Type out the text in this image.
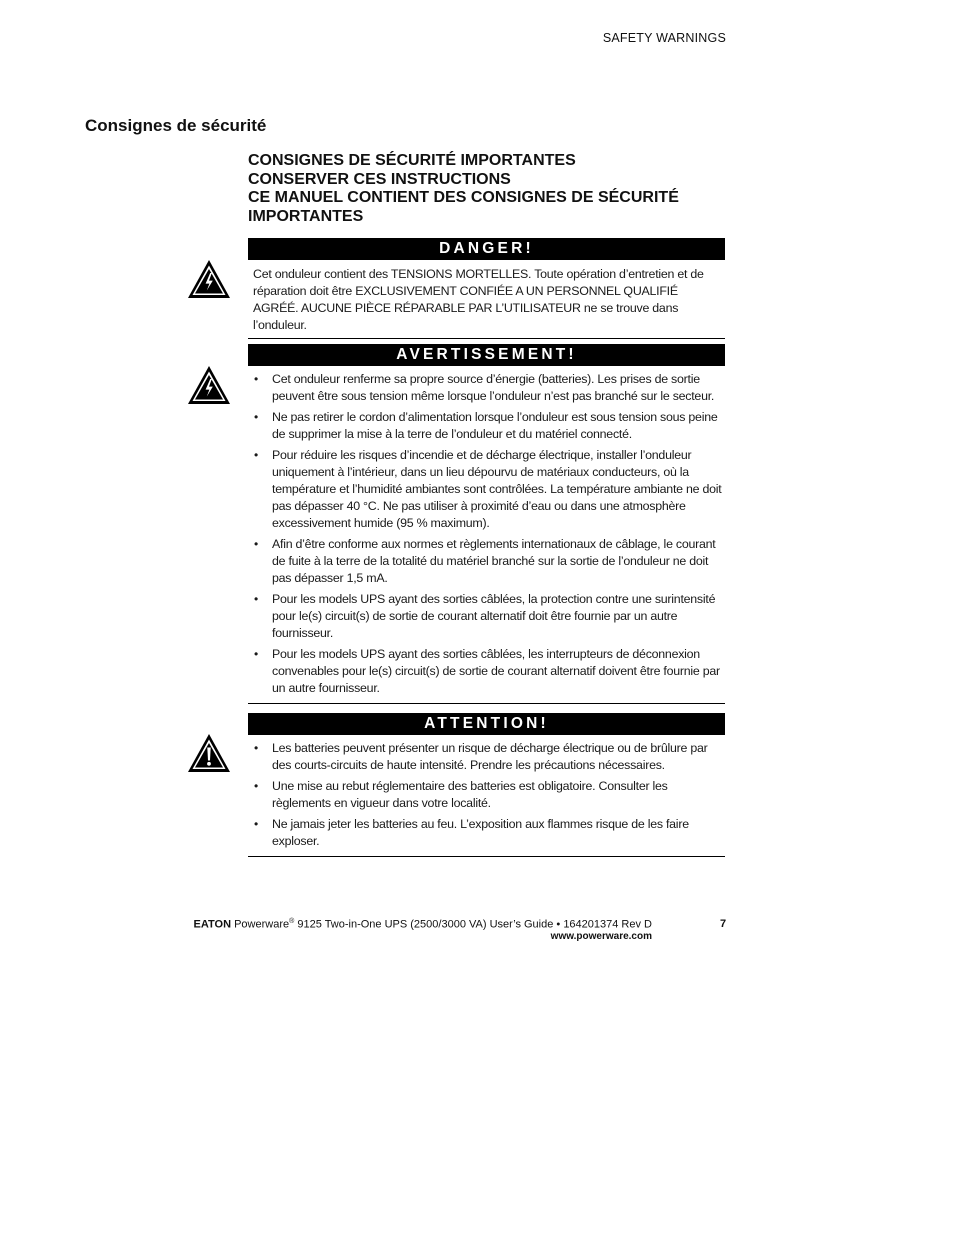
SAFETY WARNINGS
Consignes de sécurité
CONSIGNES DE SÉCURITÉ IMPORTANTES
CONSERVER CES INSTRUCTIONS
CE MANUEL CONTIENT DES CONSIGNES DE SÉCURITÉ IMPORTANTES
DANGER!

Cet onduleur contient des TENSIONS MORTELLES. Toute opération d’entretien et de réparation doit être EXCLUSIVEMENT CONFIÉE A UN PERSONNEL QUALIFIÉ AGRÉÉ. AUCUNE PIÈCE RÉPARABLE PAR L’UTILISATEUR ne se trouve dans l’onduleur.

AVERTISSEMENT!
• Cet onduleur renferme sa propre source d’énergie (batteries). Les prises de sortie peuvent être sous tension même lorsque l’onduleur n’est pas branché sur le secteur.
• Ne pas retirer le cordon d’alimentation lorsque l’onduleur est sous tension sous peine de supprimer la mise à la terre de l’onduleur et du matériel connecté.
• Pour réduire les risques d’incendie et de décharge électrique, installer l’onduleur uniquement à l’intérieur, dans un lieu dépourvu de matériaux conducteurs, où la température et l’humidité ambiantes sont contrôlées. La température ambiante ne doit pas dépasser 40 °C. Ne pas utiliser à proximité d’eau ou dans une atmosphère excessivement humide (95 % maximum).
• Afin d’être conforme aux normes et règlements internationaux de câblage, le courant de fuite à la terre de la totalité du matériel branché sur la sortie de l’onduleur ne doit pas dépasser 1,5 mA.
• Pour les models UPS ayant des sorties câblées, la protection contre une surintensité pour le(s) circuit(s) de sortie de courant alternatif doit être fournie par un autre fournisseur.
• Pour les models UPS ayant des sorties câblées, les interrupteurs de déconnexion convenables pour le(s) circuit(s) de sortie de courant alternatif doivent être fournie par un autre fournisseur.
ATTENTION!
• Les batteries peuvent présenter un risque de décharge électrique ou de brûlure par des courts-circuits de haute intensité. Prendre les précautions nécessaires.
• Une mise au rebut réglementaire des batteries est obligatoire. Consulter les règlements en vigueur dans votre localité.
• Ne jamais jeter les batteries au feu. L’exposition aux flammes risque de les faire exploser.
EATON Powerware® 9125 Two-in-One UPS (2500/3000 VA) User’s Guide • 164201374 Rev D
www.powerware.com
7
